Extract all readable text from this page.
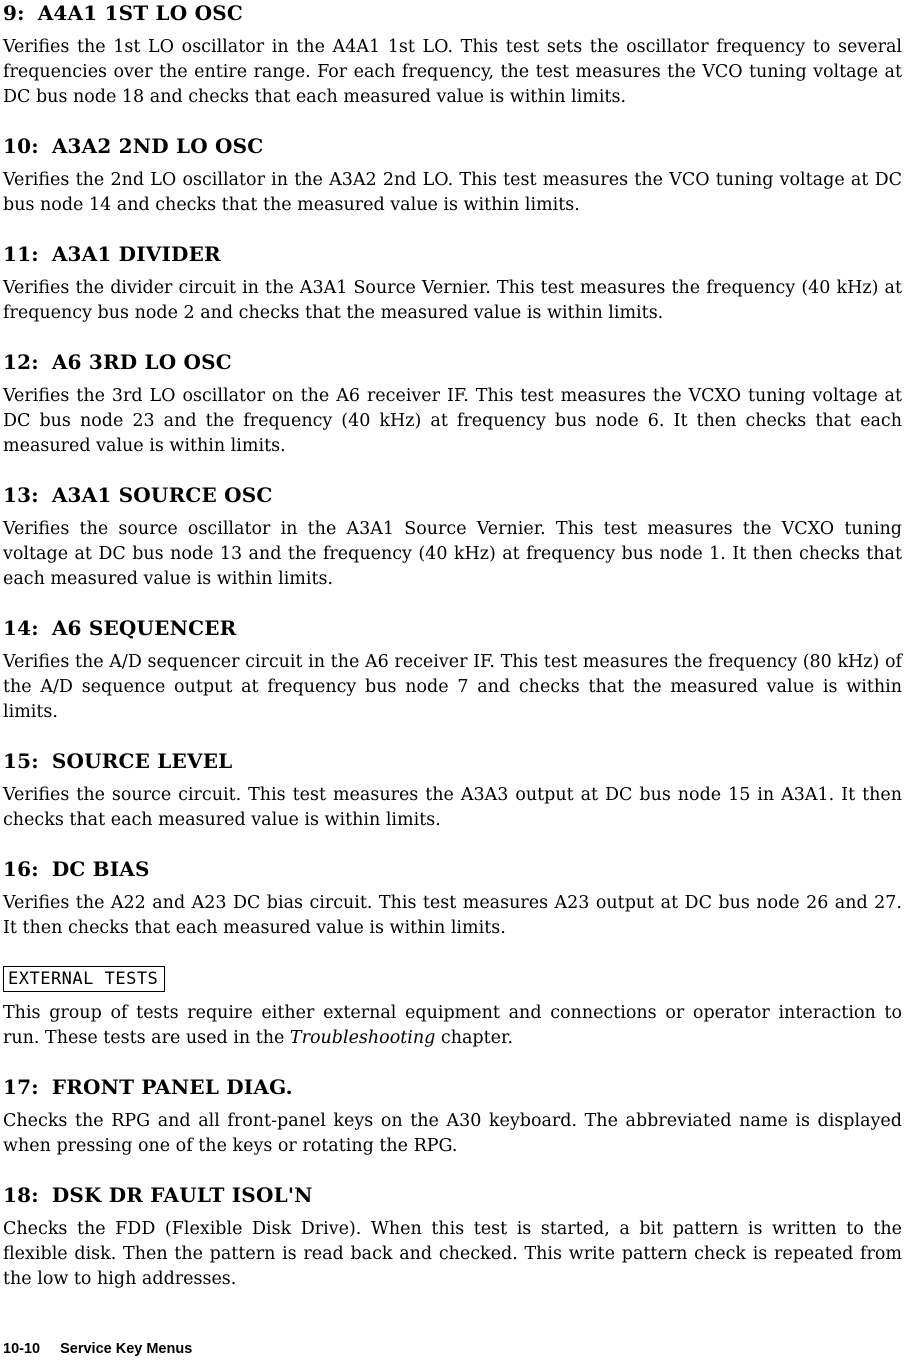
9: A4A1 1ST LO OSC

Verifies the 1st LO oscillator in the A4A1 1st LO. This test sets the oscillator frequency to several frequencies over the entire range. For each frequency, the test measures the VCO tuning voltage at DC bus node 18 and checks that each measured value is within limits.

10: A3A2 2ND LO OSC

Verifies the 2nd LO oscillator in the A3A2 2nd LO. This test measures the VCO tuning voltage at DC bus node 14 and checks that the measured value is within limits.

11: A3A1 DIVIDER

Verifies the divider circuit in the A3A1 Source Vernier. This test measures the frequency (40 kHz) at frequency bus node 2 and checks that the measured value is within limits.

12: A6 3RD LO OSC

Verifies the 3rd LO oscillator on the A6 receiver IF. This test measures the VCXO tuning voltage at DC bus node 23 and the frequency (40 kHz) at frequency bus node 6. It then checks that each measured value is within limits.

13: A3A1 SOURCE OSC

Verifies the source oscillator in the A3A1 Source Vernier. This test measures the VCXO tuning voltage at DC bus node 13 and the frequency (40 kHz) at frequency bus node 1. It then checks that each measured value is within limits.

14: A6 SEQUENCER

Verifies the A/D sequencer circuit in the A6 receiver IF. This test measures the frequency (80 kHz) of the A/D sequence output at frequency bus node 7 and checks that the measured value is within limits.

15: SOURCE LEVEL

Verifies the source circuit. This test measures the A3A3 output at DC bus node 15 in A3A1. It then checks that each measured value is within limits.

16: DC BIAS

Verifies the A22 and A23 DC bias circuit. This test measures A23 output at DC bus node 26 and 27. It then checks that each measured value is within limits.

EXTERNAL TESTS

This group of tests require either external equipment and connections or operator interaction to run. These tests are used in the Troubleshooting chapter.

17: FRONT PANEL DIAG.

Checks the RPG and all front-panel keys on the A30 keyboard. The abbreviated name is displayed when pressing one of the keys or rotating the RPG.

18: DSK DR FAULT ISOL'N

Checks the FDD (Flexible Disk Drive). When this test is started, a bit pattern is written to the flexible disk. Then the pattern is read back and checked. This write pattern check is repeated from the low to high addresses.

10-10 Service Key Menus
